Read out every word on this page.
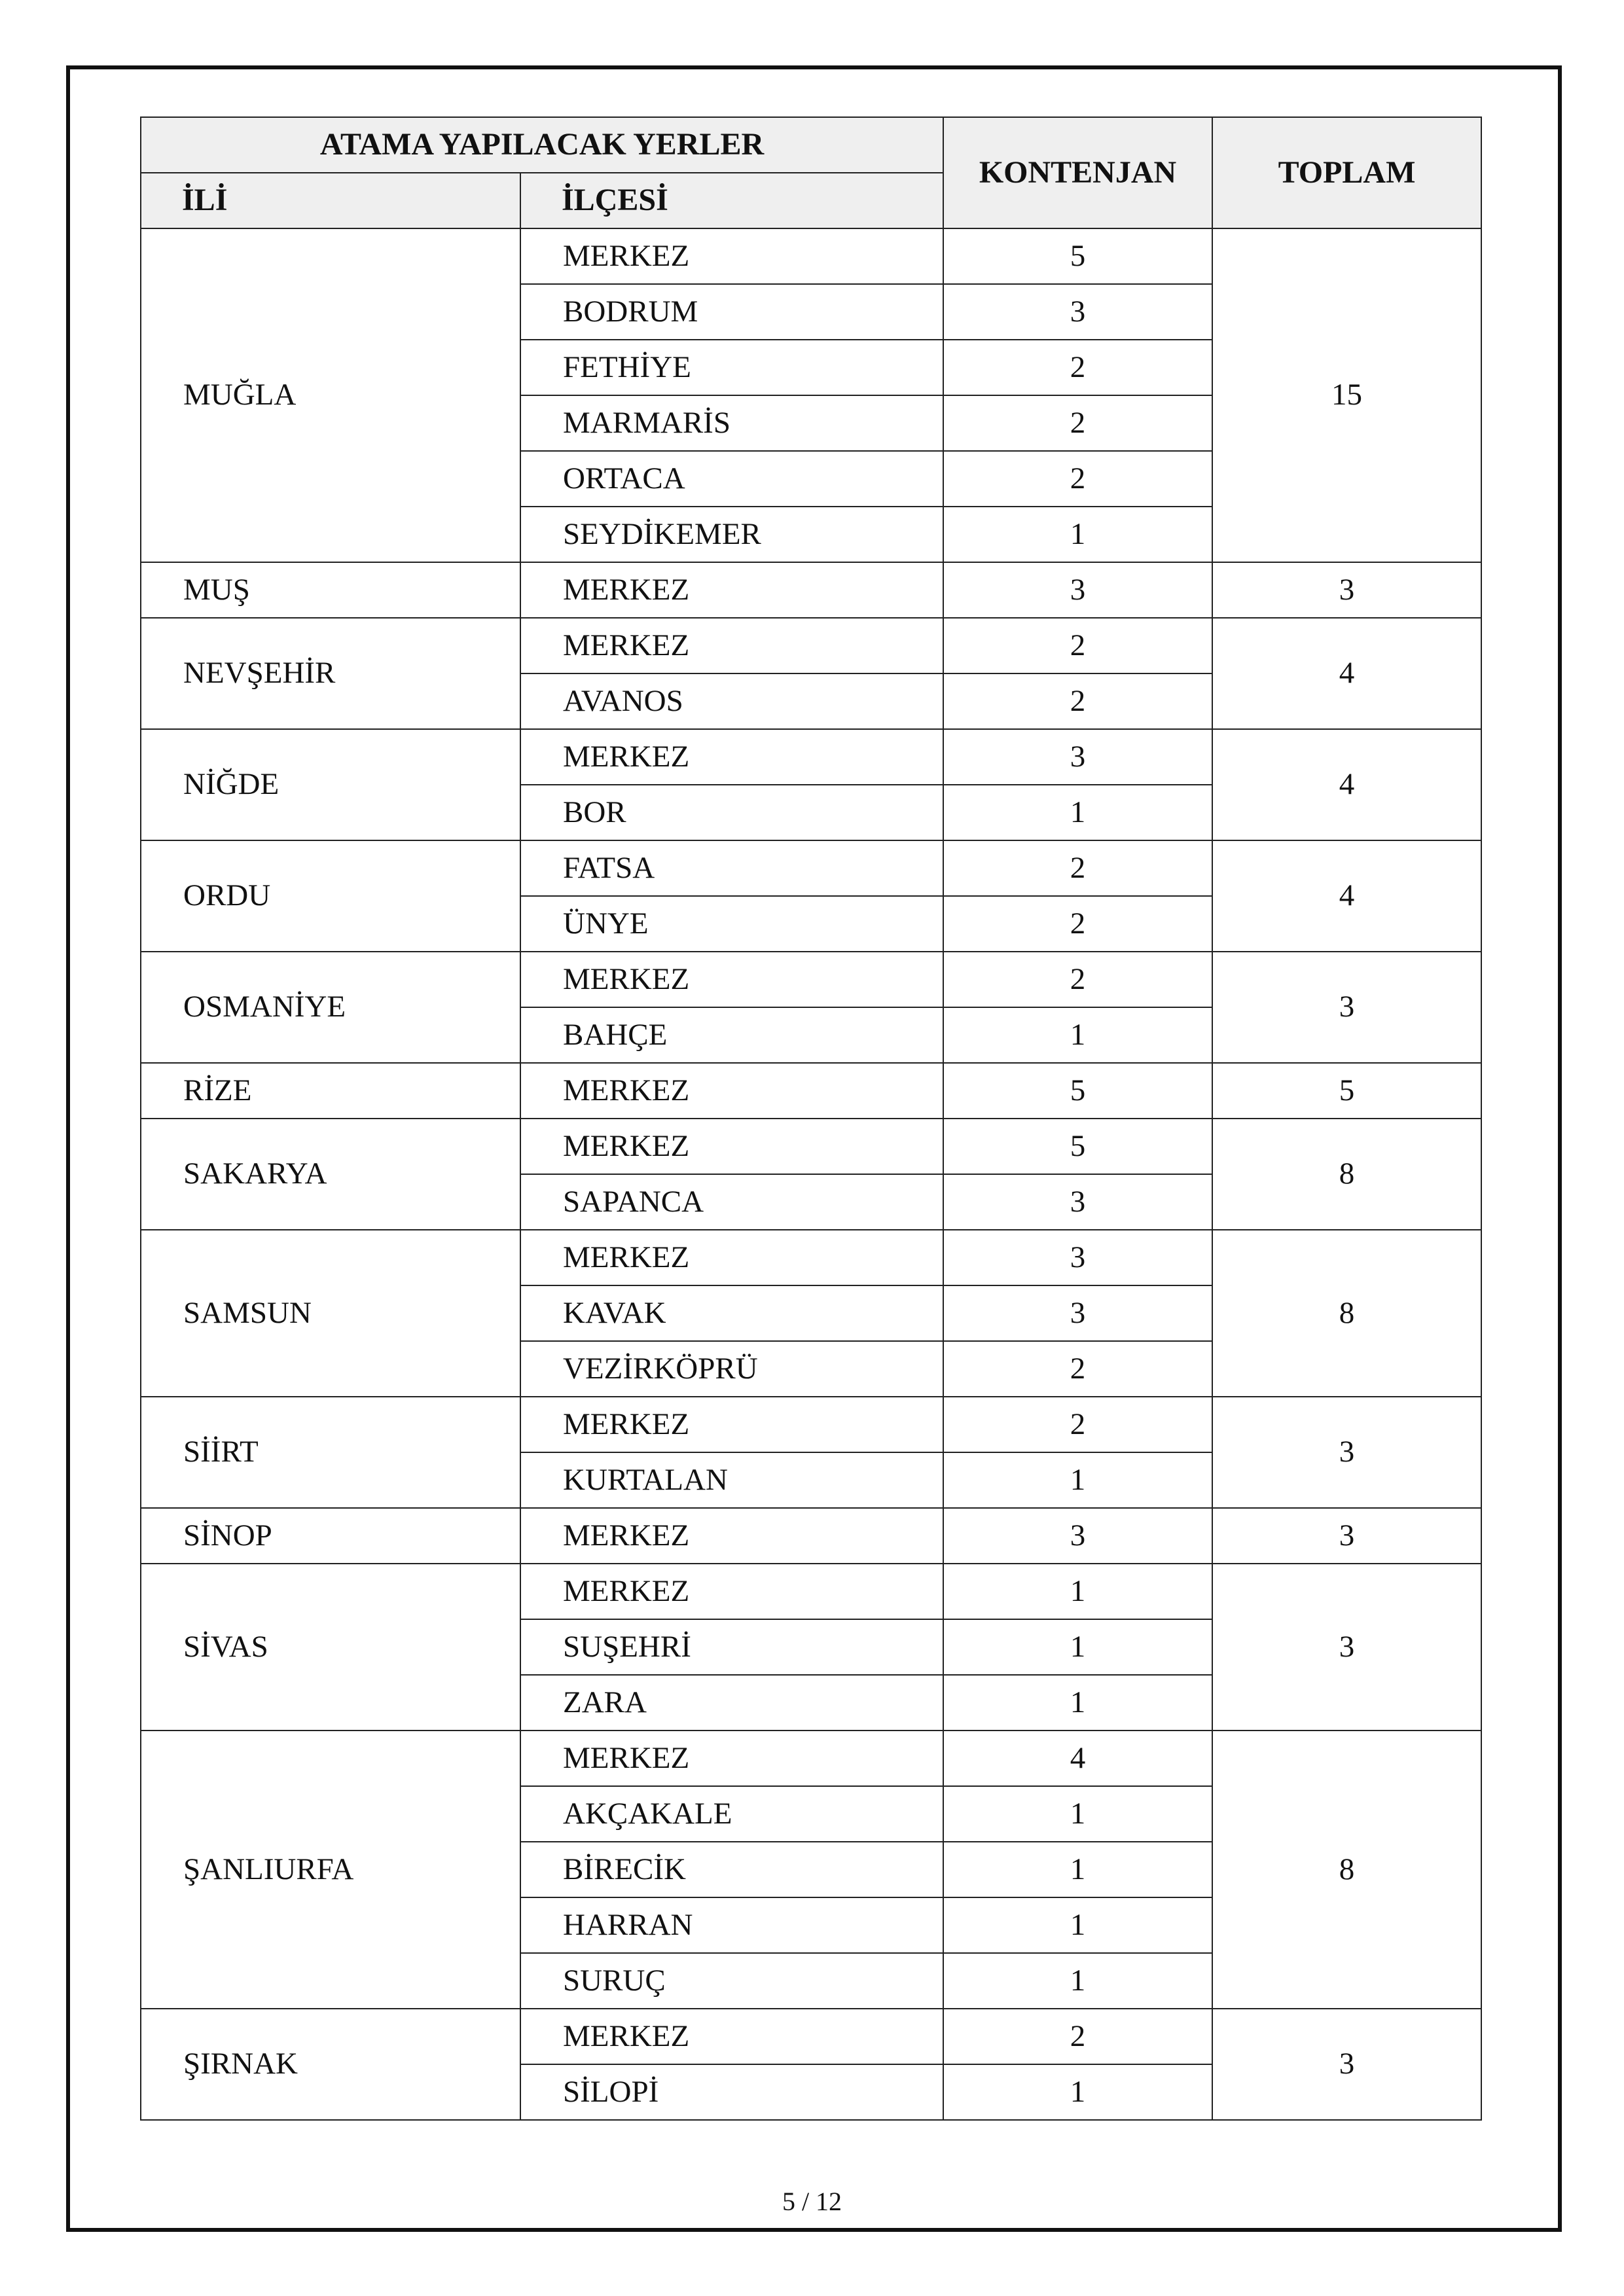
ATAMA YAPILACAK YERLER		KONTENJAN	TOPLAM
İLİ	İLÇESİ		
MUĞLA	MERKEZ	5	15
	BODRUM	3	
	FETHİYE	2	
	MARMARİS	2	
	ORTACA	2	
	SEYDİKEMER	1	
MUŞ	MERKEZ	3	3
NEVŞEHİR	MERKEZ	2	4
	AVANOS	2	
NİĞDE	MERKEZ	3	4
	BOR	1	
ORDU	FATSA	2	4
	ÜNYE	2	
OSMANİYE	MERKEZ	2	3
	BAHÇE	1	
RİZE	MERKEZ	5	5
SAKARYA	MERKEZ	5	8
	SAPANCA	3	
SAMSUN	MERKEZ	3	8
	KAVAK	3	
	VEZİRKÖPRÜ	2	
SİİRT	MERKEZ	2	3
	KURTALAN	1	
SİNOP	MERKEZ	3	3
SİVAS	MERKEZ	1	3
	SUŞEHRİ	1	
	ZARA	1	
ŞANLIURFA	MERKEZ	4	8
	AKÇAKALE	1	
	BİRECİK	1	
	HARRAN	1	
	SURUÇ	1	
ŞIRNAK	MERKEZ	2	3
	SİLOPİ	1	
5 / 12
